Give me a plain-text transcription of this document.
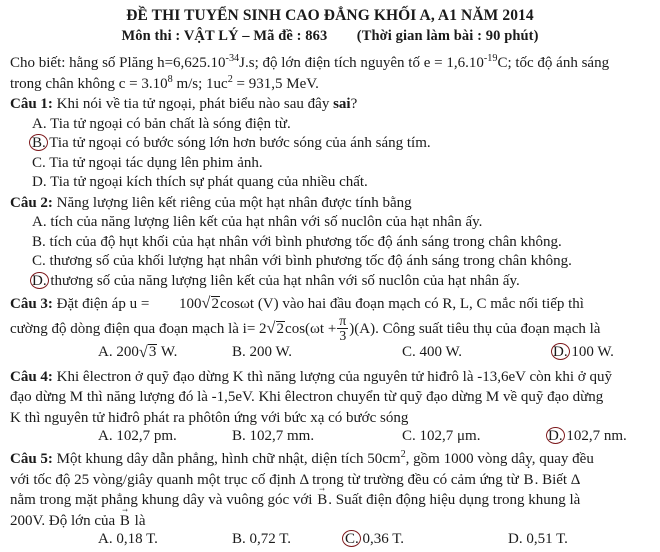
ĐỀ THI TUYỂN SINH CAO ĐẲNG KHỐI A, A1 NĂM 2014
Môn thi : VẬT LÝ – Mã đề : 863 (Thời gian làm bài : 90 phút)
Cho biết: hằng số Plăng $h=6,625.10^{-34}J.s$; độ lớn điện tích nguyên tố $e = 1,6.10^{-19}C$; tốc độ ánh sáng
trong chân không $c = 3.10^8$ m/s; $1uc^2 = 931,5$ MeV.
Câu 1: Khi nói về tia tử ngoại, phát biểu nào sau đây sai?
A. Tia tử ngoại có bản chất là sóng điện từ.
B. Tia tử ngoại có bước sóng lớn hơn bước sóng của ánh sáng tím.
C. Tia tử ngoại tác dụng lên phim ảnh.
D. Tia tử ngoại kích thích sự phát quang của nhiều chất.
Câu 2: Năng lượng liên kết riêng của một hạt nhân được tính bằng
A. tích của năng lượng liên kết của hạt nhân với số nuclôn của hạt nhân ấy.
B. tích của độ hụt khối của hạt nhân với bình phương tốc độ ánh sáng trong chân không.
C. thương số của khối lượng hạt nhân với bình phương tốc độ ánh sáng trong chân không.
D. thương số của năng lượng liên kết của hạt nhân với số nuclôn của hạt nhân ấy.
Câu 3: Đặt điện áp u = 100 √ 2cosωt (V) vào hai đầu đoạn mạch có R, L, C mắc nối tiếp thì
cường độ dòng điện qua đoạn mạch là i= 2 √ $2\cos(\omega t + \frac{\pi}{3} )(A)$. Công suất tiêu thụ của đoạn mạch là
A. 200 √ 3 W.	B. 200 W.	C. 400 W.	D. 100 W.
Câu 4: Khi êlectron ở quỹ đạo dừng K thì năng lượng của nguyên tử hiđrô là -13,6eV còn khi ở quỹ
đạo dừng M thì năng lượng đó là -1,5eV. Khi êlectron chuyển từ quỹ đạo dừng M về quỹ đạo dừng
K thì nguyên tử hiđrô phát ra phôtôn ứng với bức xạ có bước sóng
A. 102,7 pm.	B. 102,7 mm.	C. 102,7 μm.	D. 102,7 nm.
Câu 5: Một khung dây dẫn phẳng, hình chữ nhật, diện tích $50cm^2$, gồm 1000 vòng dây, quay đều
với tốc độ 25 vòng/giây quanh một trục cố định Δ trong từ trường đều có cảm ứng từ ∙ B. Biết Δ
nằm trong mặt phẳng khung dây và vuông góc với → B. Suất điện động hiệu dụng trong khung là
200V. Độ lớn của → B là
A. 0,18 T.	B. 0,72 T.	C. 0,36 T.	D. 0,51 T.
